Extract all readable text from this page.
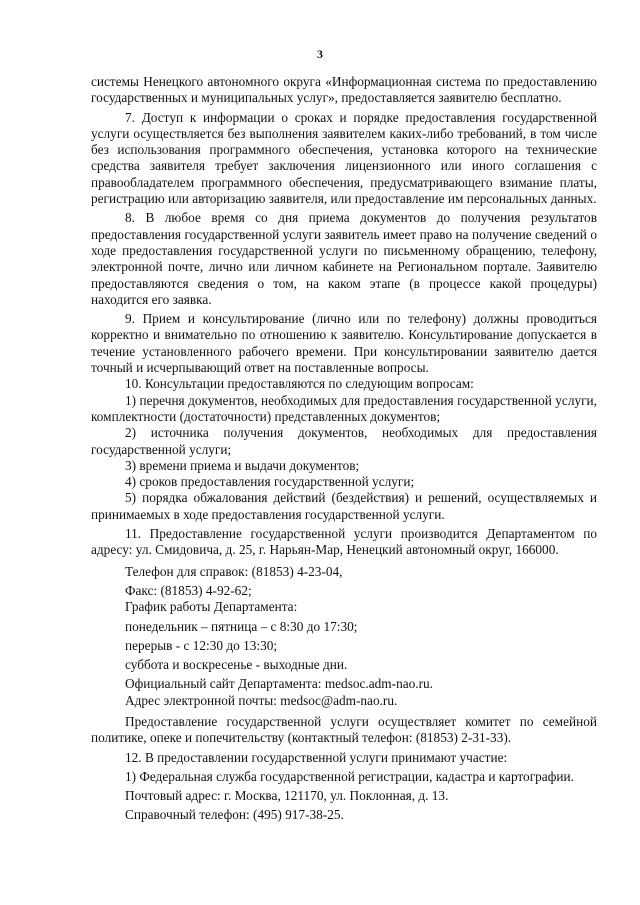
3

системы Ненецкого автономного округа «Информационная система по предоставлению государственных и муниципальных услуг», предоставляется заявителю бесплатно.

7. Доступ к информации о сроках и порядке предоставления государственной услуги осуществляется без выполнения заявителем каких-либо требований, в том числе без использования программного обеспечения, установка которого на технические средства заявителя требует заключения лицензионного или иного соглашения с правообладателем программного обеспечения, предусматривающего взимание платы, регистрацию или авторизацию заявителя, или предоставление им персональных данных.

8. В любое время со дня приема документов до получения результатов предоставления государственной услуги заявитель имеет право на получение сведений о ходе предоставления государственной услуги по письменному обращению, телефону, электронной почте, лично или личном кабинете на Региональном портале. Заявителю предоставляются сведения о том, на каком этапе (в процессе какой процедуры) находится его заявка.

9. Прием и консультирование (лично или по телефону) должны проводиться корректно и внимательно по отношению к заявителю. Консультирование допускается в течение установленного рабочего времени. При консультировании заявителю дается точный и исчерпывающий ответ на поставленные вопросы.

10. Консультации предоставляются по следующим вопросам:

1) перечня документов, необходимых для предоставления государственной услуги, комплектности (достаточности) представленных документов;

2) источника получения документов, необходимых для предоставления государственной услуги;

3) времени приема и выдачи документов;

4) сроков предоставления государственной услуги;

5) порядка обжалования действий (бездействия) и решений, осуществляемых и принимаемых в ходе предоставления государственной услуги.

11. Предоставление государственной услуги производится Департаментом по адресу: ул. Смидовича, д. 25, г. Нарьян-Мар, Ненецкий автономный округ, 166000.

Телефон для справок: (81853) 4-23-04,

Факс: (81853) 4-92-62;

График работы Департамента:

понедельник – пятница – с 8:30 до 17:30;

перерыв - с 12:30 до 13:30;

суббота и воскресенье - выходные дни.

Официальный сайт Департамента: medsoc.adm-nao.ru.

Адрес электронной почты: medsoc@adm-nao.ru.

Предоставление государственной услуги осуществляет комитет по семейной политике, опеке и попечительству (контактный телефон: (81853) 2-31-33).

12. В предоставлении государственной услуги принимают участие:

1) Федеральная служба государственной регистрации, кадастра и картографии.

Почтовый адрес: г. Москва, 121170, ул. Поклонная, д. 13.

Справочный телефон: (495) 917-38-25.
